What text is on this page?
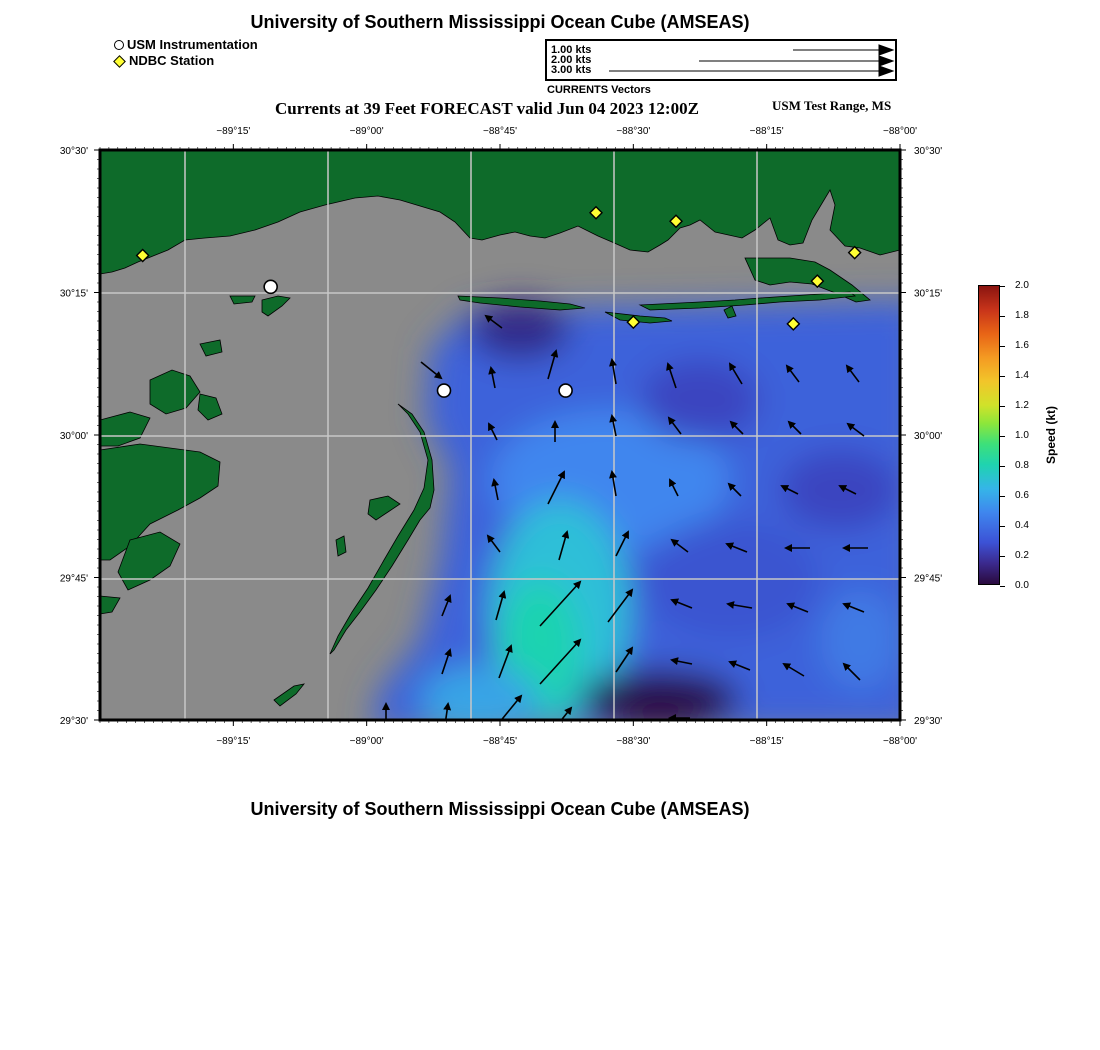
University of Southern Mississippi Ocean Cube (AMSEAS)
USM Instrumentation
NDBC Station
1.00 kts
2.00 kts
3.00 kts
CURRENTS Vectors
Currents at 39 Feet FORECAST valid Jun 04 2023 12:00Z	USM Test Range, MS
−89°15'
−89°15'
−89°00'
−89°00'
−88°45'
−88°45'
−88°30'
−88°30'
−88°15'
−88°15'
−88°00'
−88°00'
30°30'	30°30'
30°15'	30°15'
30°00'	30°00'
29°45'	29°45'
29°30'	29°30'
2.0
1.8
1.6
1.4
1.2
1.0
0.8
0.6
0.4
0.2
0.0
Speed (kt)
University of Southern Mississippi Ocean Cube (AMSEAS)
